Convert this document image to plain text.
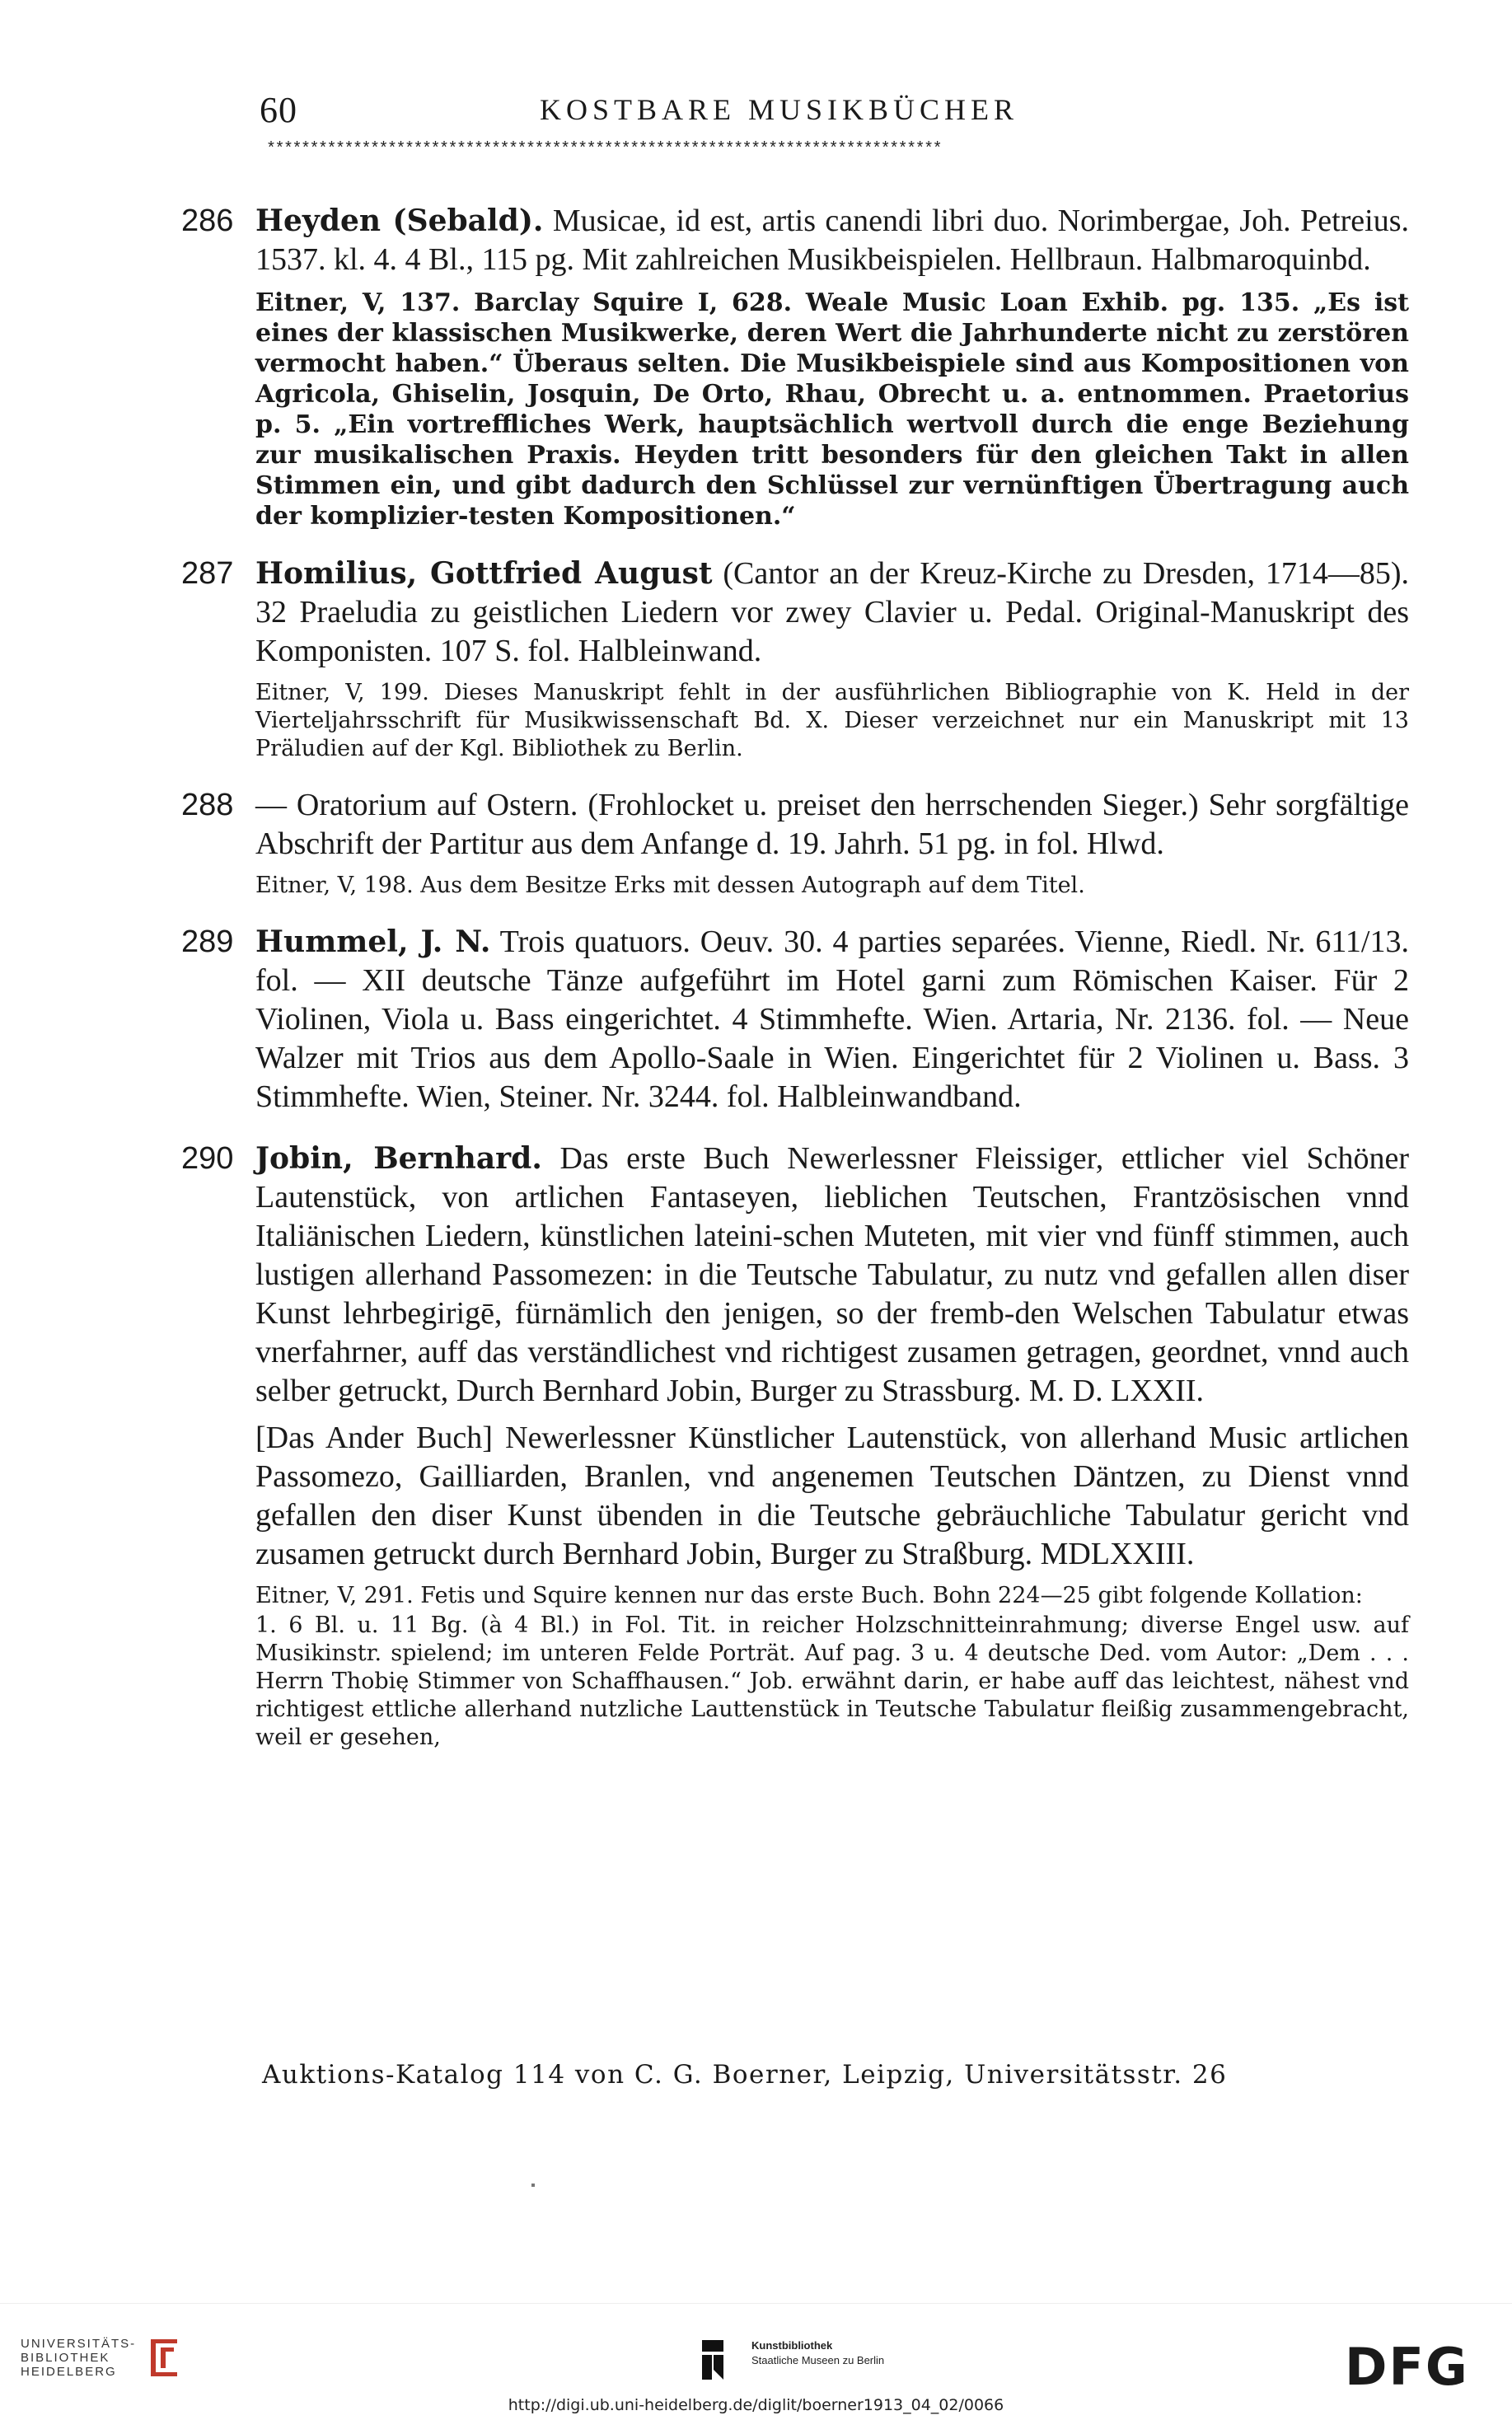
60	KOSTBARE MUSIKBÜCHER
******************************************************************************
286 Heyden (Sebald). Musicae, id est, artis canendi libri duo. Norimbergae, Joh. Petreius. 1537. kl. 4. 4 Bl., 115 pg. Mit zahlreichen Musikbeispielen. Hellbraun. Halbmaroquinbd.
Eitner, V, 137. Barclay Squire I, 628. Weale Music Loan Exhib. pg. 135. „Es ist eines der klassischen Musikwerke, deren Wert die Jahrhunderte nicht zu zerstören vermocht haben.“ Überaus selten. Die Musikbeispiele sind aus Kompositionen von Agricola, Ghiselin, Josquin, De Orto, Rhau, Obrecht u. a. entnommen. Praetorius p. 5. „Ein vortreffliches Werk, hauptsächlich wertvoll durch die enge Beziehung zur musikalischen Praxis. Heyden tritt besonders für den gleichen Takt in allen Stimmen ein, und gibt dadurch den Schlüssel zur vernünftigen Übertragung auch der komplizier-testen Kompositionen.“
287 Homilius, Gottfried August (Cantor an der Kreuz-Kirche zu Dresden, 1714—85). 32 Praeludia zu geistlichen Liedern vor zwey Clavier u. Pedal. Original-Manuskript des Komponisten. 107 S. fol. Halbleinwand.
Eitner, V, 199. Dieses Manuskript fehlt in der ausführlichen Bibliographie von K. Held in der Vierteljahrsschrift für Musikwissenschaft Bd. X. Dieser verzeichnet nur ein Manuskript mit 13 Präludien auf der Kgl. Bibliothek zu Berlin.
288 — Oratorium auf Ostern. (Frohlocket u. preiset den herrschenden Sieger.) Sehr sorgfältige Abschrift der Partitur aus dem Anfange d. 19. Jahrh. 51 pg. in fol. Hlwd.
Eitner, V, 198. Aus dem Besitze Erks mit dessen Autograph auf dem Titel.
289 Hummel, J. N. Trois quatuors. Oeuv. 30. 4 parties separées. Vienne, Riedl. Nr. 611/13. fol. — XII deutsche Tänze aufgeführt im Hotel garni zum Römischen Kaiser. Für 2 Violinen, Viola u. Bass eingerichtet. 4 Stimmhefte. Wien. Artaria, Nr. 2136. fol. — Neue Walzer mit Trios aus dem Apollo-Saale in Wien. Eingerichtet für 2 Violinen u. Bass. 3 Stimmhefte. Wien, Steiner. Nr. 3244. fol. Halbleinwandband.
290 Jobin, Bernhard. Das erste Buch Newerlessner Fleissiger, ettlicher viel Schöner Lautenstück, von artlichen Fantaseyen, lieblichen Teutschen, Frantzösischen vnnd Italiänischen Liedern, künstlichen lateini-schen Muteten, mit vier vnd fünff stimmen, auch lustigen allerhand Passomezen: in die Teutsche Tabulatur, zu nutz vnd gefallen allen diser Kunst lehrbegirigē, fürnämlich den jenigen, so der fremb-den Welschen Tabulatur etwas vnerfahrner, auff das verständlichest vnd richtigest zusamen getragen, geordnet, vnnd auch selber getruckt, Durch Bernhard Jobin, Burger zu Strassburg. M. D. LXXII.
[Das Ander Buch] Newerlessner Künstlicher Lautenstück, von allerhand Music artlichen Passomezo, Gailliarden, Branlen, vnd angenemen Teutschen Däntzen, zu Dienst vnnd gefallen den diser Kunst übenden in die Teutsche gebräuchliche Tabulatur gericht vnd zusamen getruckt durch Bernhard Jobin, Burger zu Straßburg. MDLXXIII.
Eitner, V, 291. Fetis und Squire kennen nur das erste Buch. Bohn 224—25 gibt folgende Kollation:
1. 6 Bl. u. 11 Bg. (à 4 Bl.) in Fol. Tit. in reicher Holzschnitteinrahmung; diverse Engel usw. auf Musikinstr. spielend; im unteren Felde Porträt. Auf pag. 3 u. 4 deutsche Ded. vom Autor: „Dem . . . Herrn Thobię Stimmer von Schaffhausen.“ Job. erwähnt darin, er habe auff das leichtest, nähest vnd richtigest ettliche allerhand nutzliche Lauttenstück in Teutsche Tabulatur fleißig zusammengebracht, weil er gesehen,
Auktions-Katalog 114 von C. G. Boerner, Leipzig, Universitätsstr. 26
UNIVERSITÄTS-
BIBLIOTHEK
HEIDELBERG
Kunstbibliothek
Staatliche Museen zu Berlin	DFG
http://digi.ub.uni-heidelberg.de/diglit/boerner1913_04_02/0066
